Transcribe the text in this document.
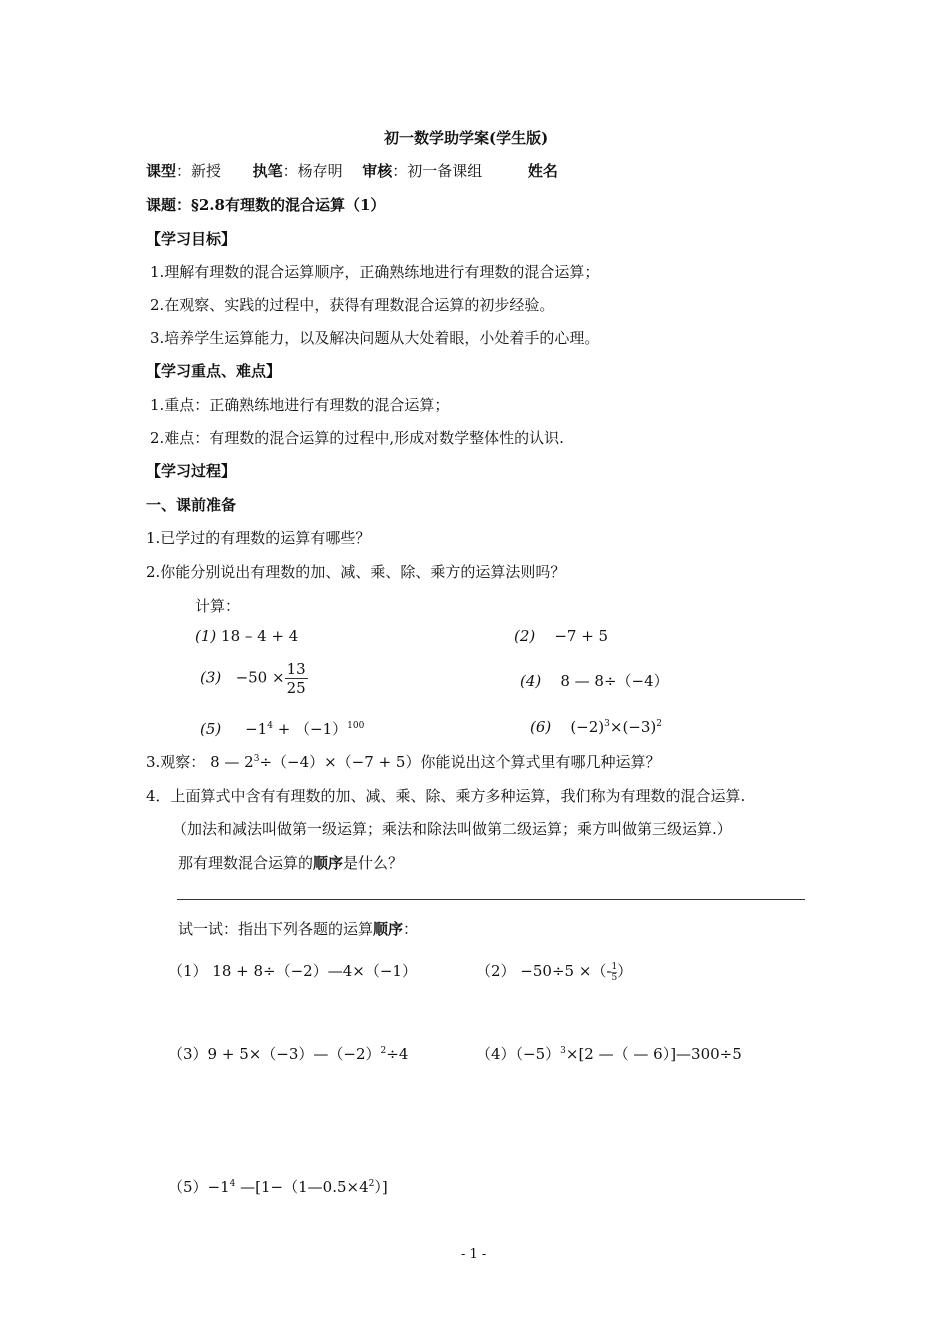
初一数学助学案(学生版)
课型：新授 执笔：杨存明 审核：初一备课组	姓名
课题：§2.8有理数的混合运算（1）
【学习目标】
1.理解有理数的混合运算顺序，正确熟练地进行有理数的混合运算；
2.在观察、实践的过程中，获得有理数混合运算的初步经验。
3.培养学生运算能力，以及解决问题从大处着眼，小处着手的心理。
【学习重点、难点】
1.重点：正确熟练地进行有理数的混合运算；
2.难点：有理数的混合运算的过程中,形成对数学整体性的认识.
【学习过程】
一、课前准备
1.已学过的有理数的运算有哪些？
2.你能分别说出有理数的加、减、乘、除、乘方的运算法则吗？
计算：
(1) 18 – 4 + 4	(2) −7 + 5
$(3) -50 \times \frac{13}{25}$	(4) 8 — 8÷（−4）
$(5) -1^4 + (-1)^{100}$	(6) $(-2)^3\times(-3)^2$
3.观察： 8 — $2^3\div(-4)\times(-7 + 5)$你能说出这个算式里有哪几种运算？
4．上面算式中含有有理数的加、减、乘、除、乘方多种运算，我们称为有理数的混合运算.
（加法和减法叫做第一级运算；乘法和除法叫做第二级运算；乘方叫做第三级运算.）
那有理数混合运算的顺序是什么？
试一试：指出下列各题的运算顺序：
（1） 18 + 8÷（−2）—4×（−1）	（2） −50÷5 ×（- $\frac{1}{5}$）
$(3)9 + 5\times(-3)—(-2)^2\div 4$	$(4)(-5)^3\times[2$ —（ — 6）]—300÷5
$(5)-1^4$ $—[1-(1—0.5\times 4^2)]$
- 1 -
